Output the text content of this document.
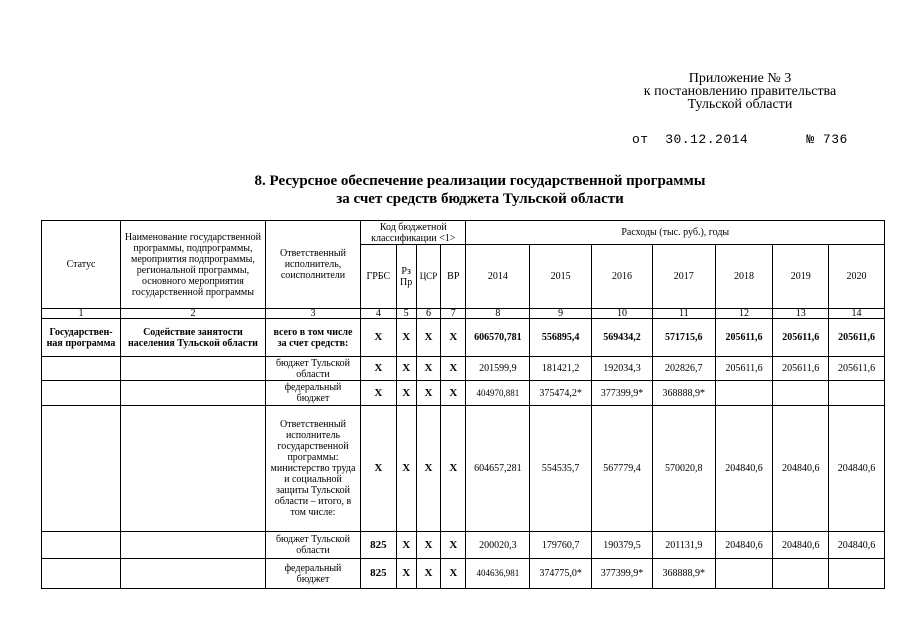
Приложение № 3
к постановлению правительства
Тульской области
от  30.12.2014       № 736
8. Ресурсное обеспечение реализации государственной программы
за счет средств бюджета Тульской области
Статус	Наименование государственной программы, подпрограммы, мероприятия подпрограммы, региональной программы, основного мероприятия государственной программы	Ответственный исполнитель, соисполнители	Код бюджетной классификации <1>				Расходы (тыс. руб.), годы						
			ГРБС	Рз Пр	ЦСР	ВР	2014	2015	2016	2017	2018	2019	2020
1	2	3	4	5	6	7	8	9	10	11	12	13	14
Государствен-ная программа	Содействие занятости населения Тульской области	всего в том числе за счет средств:	X	X	X	X	606570,781	556895,4	569434,2	571715,6	205611,6	205611,6	205611,6
		бюджет Тульской области	X	X	X	X	201599,9	181421,2	192034,3	202826,7	205611,6	205611,6	205611,6
		федеральный бюджет	X	X	X	X	404970,881	375474,2*	377399,9*	368888,9*			
		Ответственный исполнитель государственной программы: министерство труда и социальной защиты Тульской области – итого, в том числе:	X	X	X	X	604657,281	554535,7	567779,4	570020,8	204840,6	204840,6	204840,6
		бюджет Тульской области	825	X	X	X	200020,3	179760,7	190379,5	201131,9	204840,6	204840,6	204840,6
		федеральный бюджет	825	X	X	X	404636,981	374775,0*	377399,9*	368888,9*			
